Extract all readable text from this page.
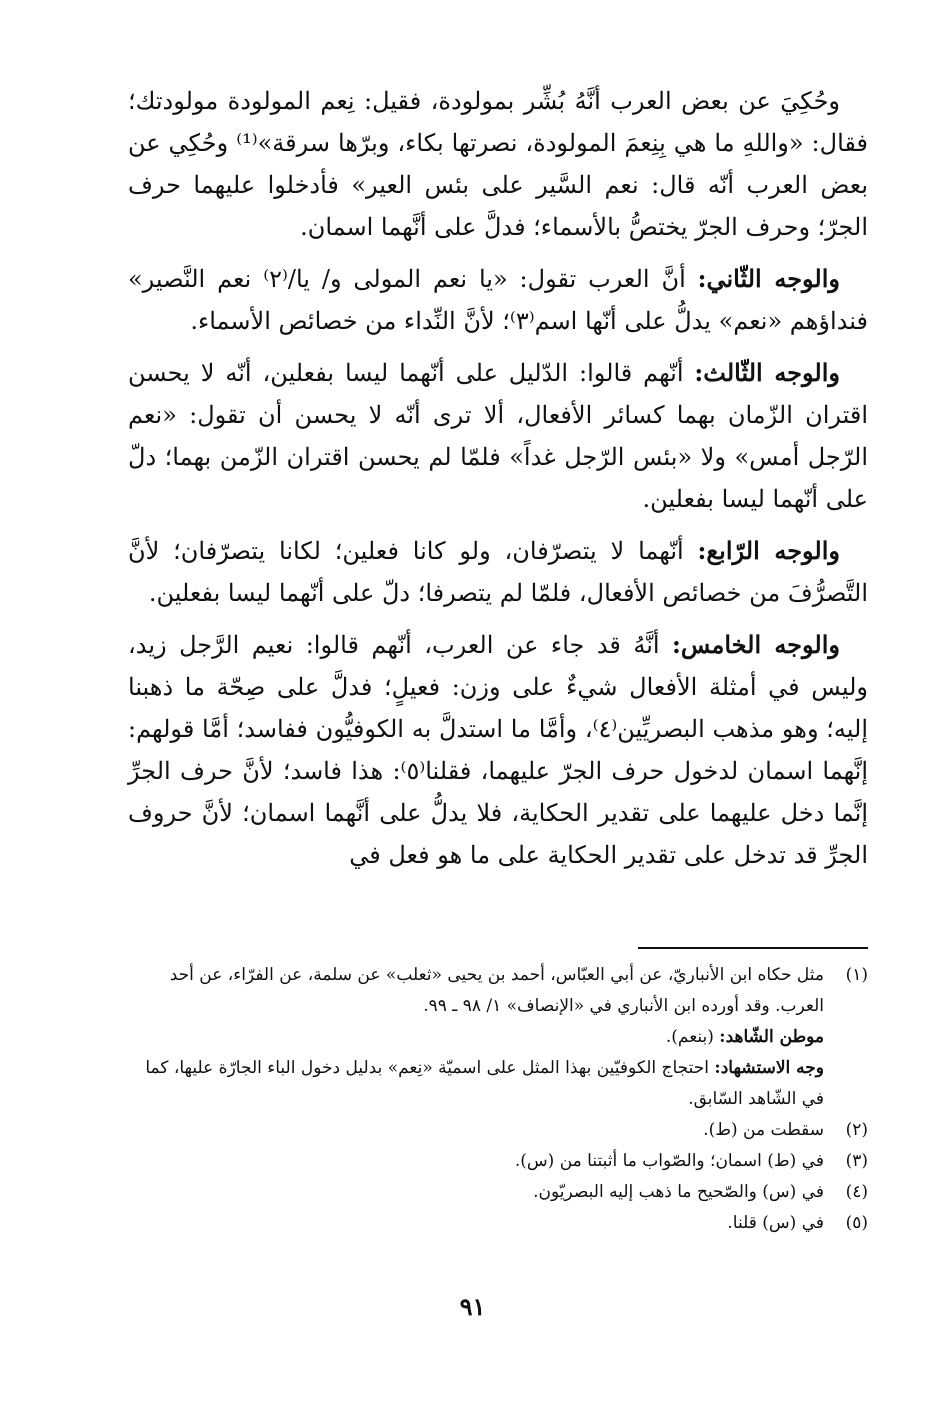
وحُكِيَ عن بعض العرب أنَّهُ بُشِّر بمولودة، فقيل: نِعم المولودة مولودتك؛ فقال: «واللهِ ما هي بِنِعمَ المولودة، نصرتها بكاء، وبرّها سرقة»⁽¹⁾ وحُكِي عن بعض العرب أنّه قال: نعم السَّير على بئس العير» فأدخلوا عليهما حرف الجرّ؛ وحرف الجرّ يختصُّ بالأسماء؛ فدلَّ على أنَّهما اسمان.

والوجه الثّاني: أنَّ العرب تقول: «يا نعم المولى و/ يا/⁽٢⁾ نعم النَّصير» فنداؤهم «نعم» يدلُّ على أنّها اسم⁽٣⁾؛ لأنَّ النِّداء من خصائص الأسماء.

والوجه الثّالث: أنّهم قالوا: الدّليل على أنّهما ليسا بفعلين، أنّه لا يحسن اقتران الزّمان بهما كسائر الأفعال، ألا ترى أنّه لا يحسن أن تقول: «نعم الرّجل أمس» ولا «بئس الرّجل غداً» فلمّا لم يحسن اقتران الزّمن بهما؛ دلّ على أنّهما ليسا بفعلين.

والوجه الرّابع: أنّهما لا يتصرّفان، ولو كانا فعلين؛ لكانا يتصرّفان؛ لأنَّ التَّصرُّفَ من خصائص الأفعال، فلمّا لم يتصرفا؛ دلّ على أنّهما ليسا بفعلين.

والوجه الخامس: أنَّهُ قد جاء عن العرب، أنّهم قالوا: نعيم الرَّجل زيد، وليس في أمثلة الأفعال شيءٌ على وزن: فعيلٍ؛ فدلَّ على صِحّة ما ذهبنا إليه؛ وهو مذهب البصريِّين⁽٤⁾، وأمَّا ما استدلَّ به الكوفيُّون ففاسد؛ أمَّا قولهم: إنَّهما اسمان لدخول حرف الجرّ عليهما، فقلنا⁽٥⁾: هذا فاسد؛ لأنَّ حرف الجرِّ إنَّما دخل عليهما على تقدير الحكاية، فلا يدلُّ على أنَّهما اسمان؛ لأنَّ حروف الجرِّ قد تدخل على تقدير الحكاية على ما هو فعل في

(١)
مثل حكاه ابن الأنباريّ، عن أبي العبّاس، أحمد بن يحيى «ثعلب» عن سلمة، عن الفرّاء، عن أحد العرب. وقد أورده ابن الأنباري في «الإنصاف» ١/ ٩٨ ـ ٩٩.
موطن الشّاهد: (بنعم).
وجه الاستشهاد: احتجاج الكوفيّين بهذا المثل على اسميّة «نِعم» بدليل دخول الباء الجارّة عليها، كما في الشّاهد السّابق.
(٢)
سقطت من (ط).
(٣)
في (ط) اسمان؛ والصّواب ما أثبتنا من (س).
(٤)
في (س) والصّحيح ما ذهب إليه البصريّون.
(٥)
في (س) قلنا.
٩١
